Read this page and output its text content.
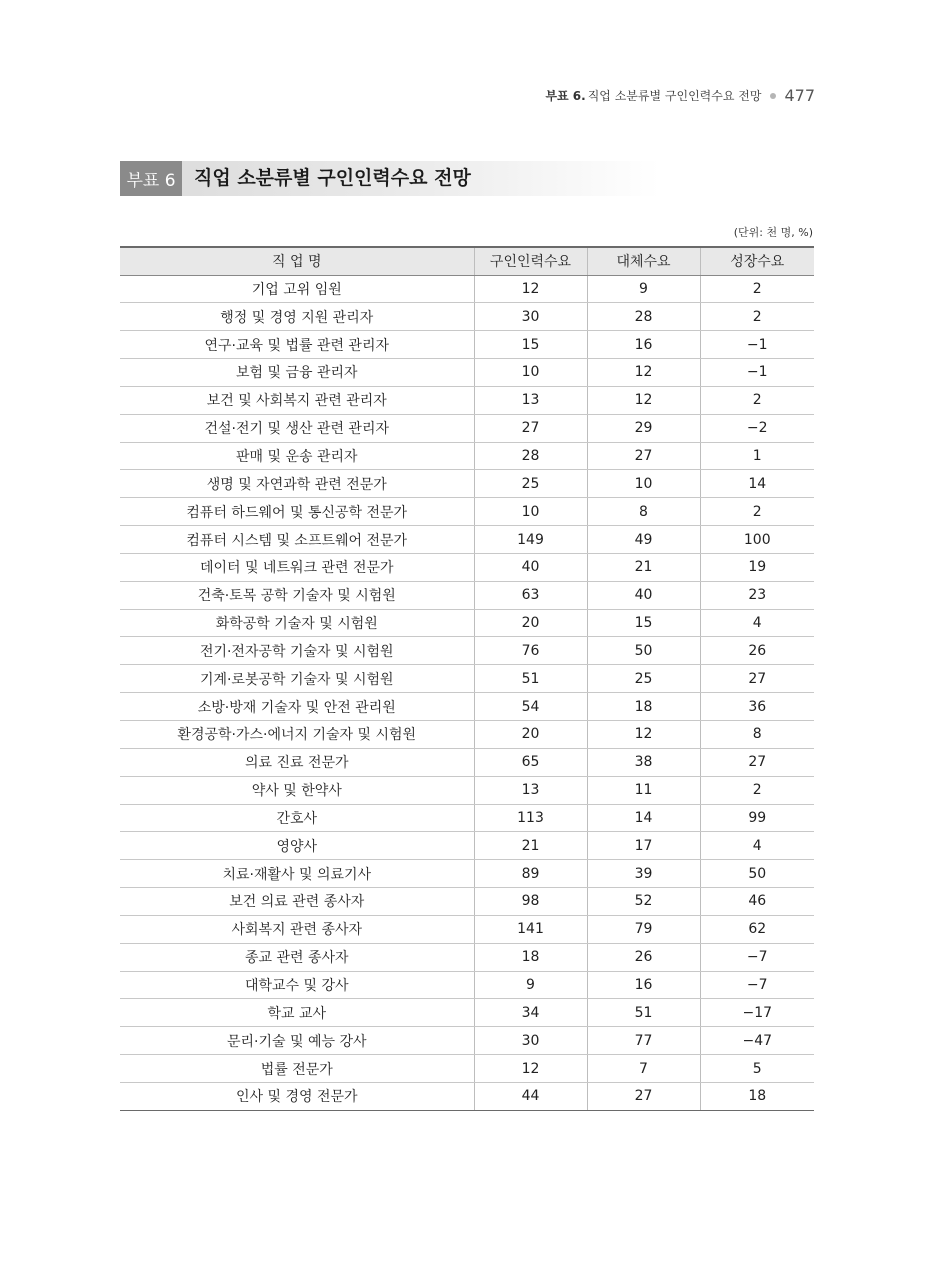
부표 6. 직업 소분류별 구인인력수요 전망 477
부표 6 직업 소분류별 구인인력수요 전망
(단위: 천 명, %)
직 업 명	구인인력수요	대체수요	성장수요
기업 고위 임원	12	9	2
행정 및 경영 지원 관리자	30	28	2
연구·교육 및 법률 관련 관리자	15	16	−1
보험 및 금융 관리자	10	12	−1
보건 및 사회복지 관련 관리자	13	12	2
건설·전기 및 생산 관련 관리자	27	29	−2
판매 및 운송 관리자	28	27	1
생명 및 자연과학 관련 전문가	25	10	14
컴퓨터 하드웨어 및 통신공학 전문가	10	8	2
컴퓨터 시스템 및 소프트웨어 전문가	149	49	100
데이터 및 네트워크 관련 전문가	40	21	19
건축·토목 공학 기술자 및 시험원	63	40	23
화학공학 기술자 및 시험원	20	15	4
전기·전자공학 기술자 및 시험원	76	50	26
기계·로봇공학 기술자 및 시험원	51	25	27
소방·방재 기술자 및 안전 관리원	54	18	36
환경공학·가스·에너지 기술자 및 시험원	20	12	8
의료 진료 전문가	65	38	27
약사 및 한약사	13	11	2
간호사	113	14	99
영양사	21	17	4
치료·재활사 및 의료기사	89	39	50
보건 의료 관련 종사자	98	52	46
사회복지 관련 종사자	141	79	62
종교 관련 종사자	18	26	−7
대학교수 및 강사	9	16	−7
학교 교사	34	51	−17
문리·기술 및 예능 강사	30	77	−47
법률 전문가	12	7	5
인사 및 경영 전문가	44	27	18
